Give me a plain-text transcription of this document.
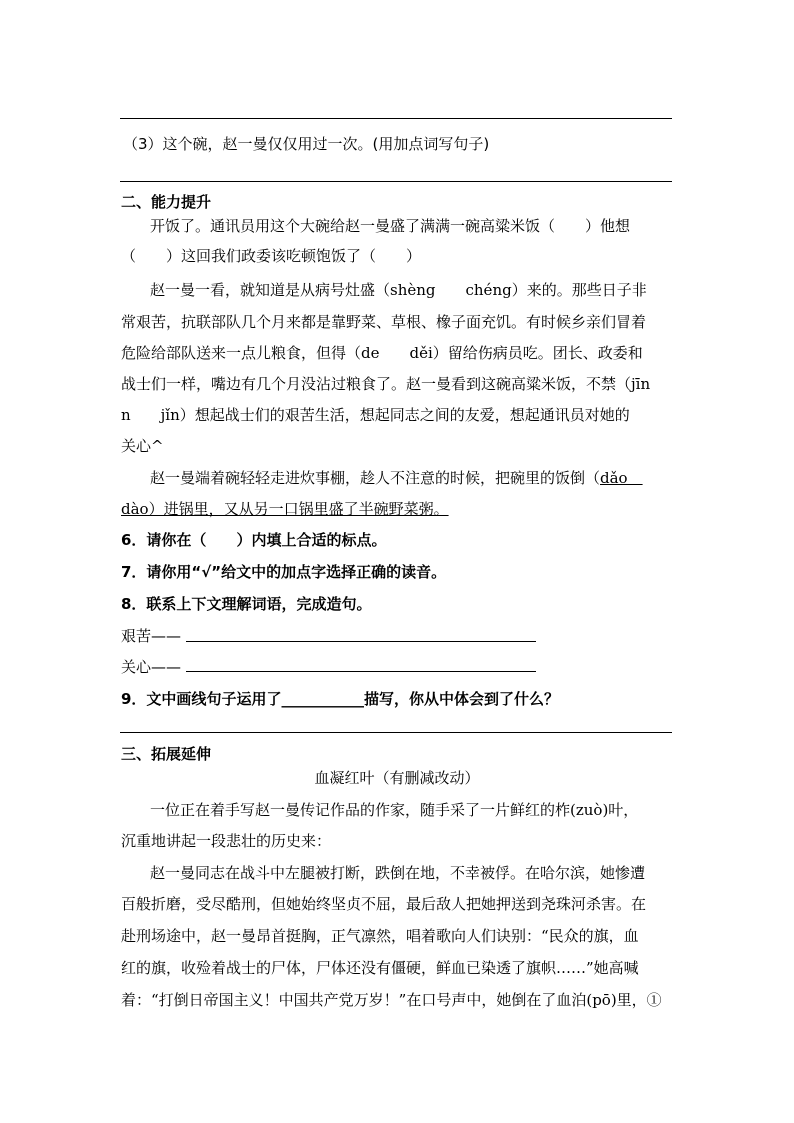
（3）这个碗，赵一曼仅仅用过一次。(用加点词写句子)
二、能力提升
开饭了。通讯员用这个大碗给赵一曼盛了满满一碗高粱米饭（　　）他想
（　　）这回我们政委该吃顿饱饭了（　　）
赵一曼一看，就知道是从病号灶盛（shèng　　chéng）来的。那些日子非
常艰苦，抗联部队几个月来都是靠野菜、草根、橡子面充饥。有时候乡亲们冒着
危险给部队送来一点儿粮食，但得（de　　děi）留给伤病员吃。团长、政委和
战士们一样，嘴边有几个月没沾过粮食了。赵一曼看到这碗高粱米饭，不禁（jīn
n　　jǐn）想起战士们的艰苦生活，想起同志之间的友爱，想起通讯员对她的
关心^
赵一曼端着碗轻轻走进炊事棚，趁人不注意的时候，把碗里的饭倒（dǎo　
dào）进锅里，又从另一口锅里盛了半碗野菜粥。
6．请你在（　　）内填上合适的标点。
7．请你用“√”给文中的加点字选择正确的读音。
8．联系上下文理解词语，完成造句。
艰苦——
关心——
9．文中画线句子运用了___________描写，你从中体会到了什么？
三、拓展延伸
血凝红叶（有删减改动）
一位正在着手写赵一曼传记作品的作家，随手采了一片鲜红的柞(zuò)叶，
沉重地讲起一段悲壮的历史来：
赵一曼同志在战斗中左腿被打断，跌倒在地，不幸被俘。在哈尔滨，她惨遭
百般折磨，受尽酷刑，但她始终坚贞不屈，最后敌人把她押送到尧珠河杀害。在
赴刑场途中，赵一曼昂首挺胸，正气凛然，唱着歌向人们诀别：“民众的旗，血
红的旗，收殓着战士的尸体，尸体还没有僵硬，鲜血已染透了旗帜……”她高喊
着：“打倒日帝国主义！中国共产党万岁！”在口号声中，她倒在了血泊(pō)里，①
